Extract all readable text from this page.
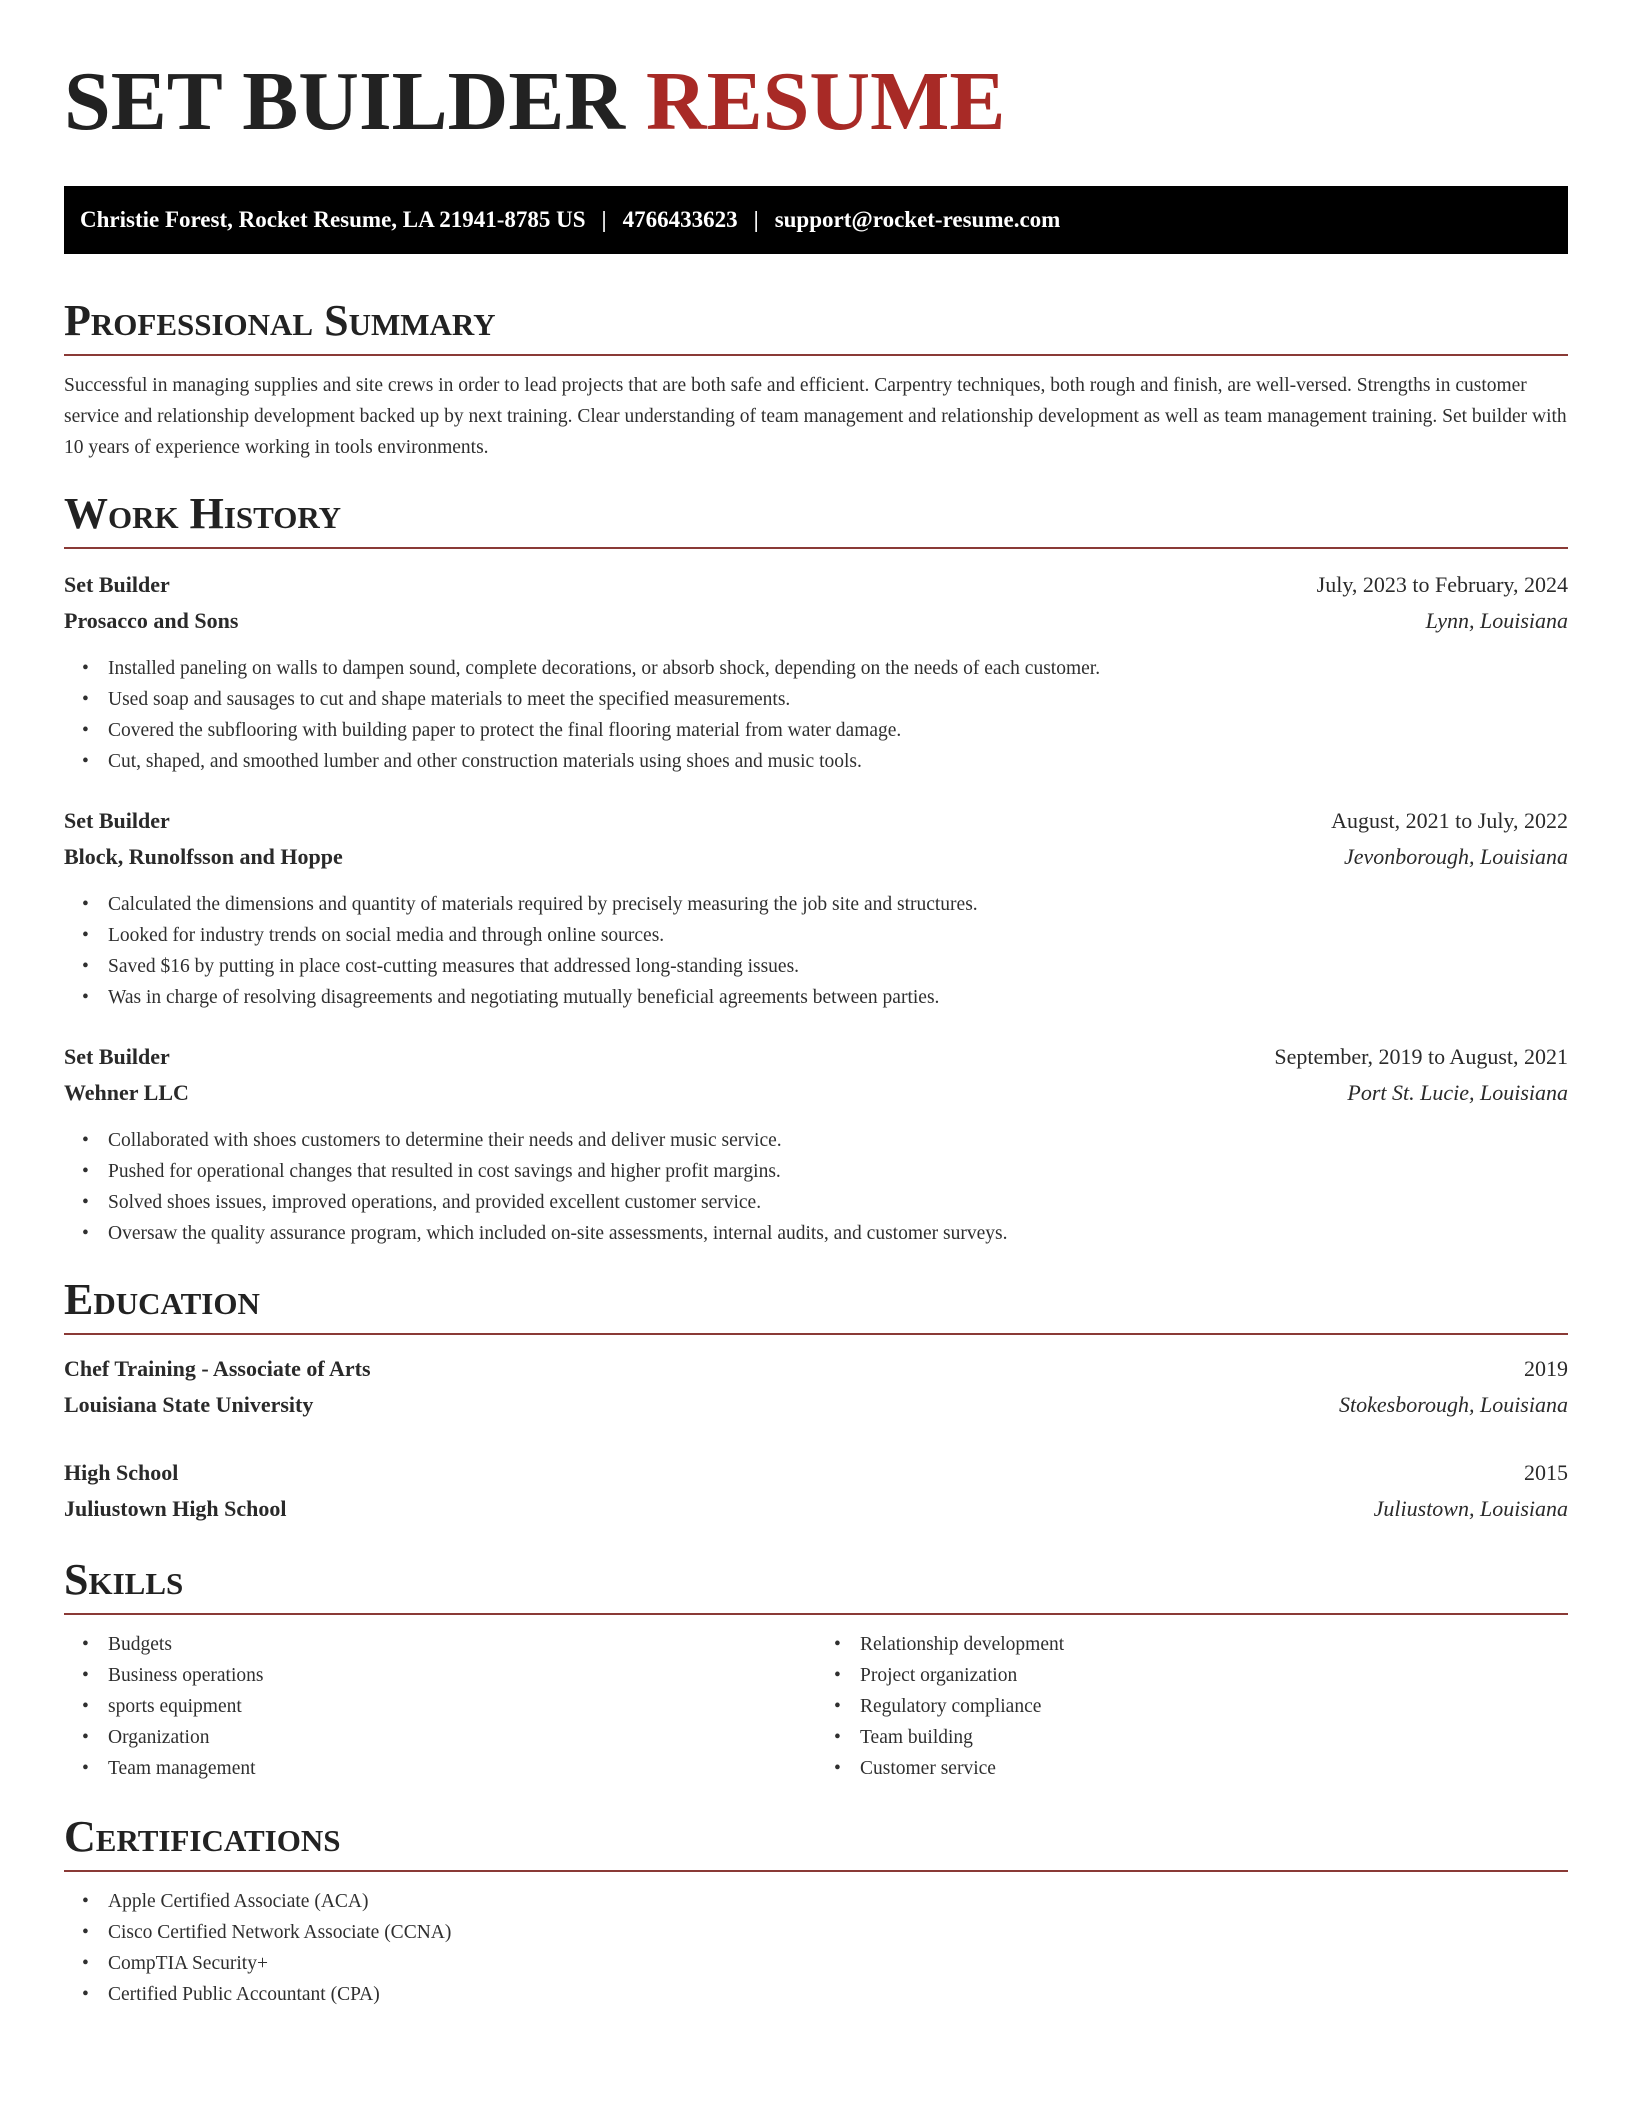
SET BUILDER RESUME
Christie Forest, Rocket Resume, LA 21941-8785 US | 4766433623 | support@rocket-resume.com
Professional Summary

Successful in managing supplies and site crews in order to lead projects that are both safe and efficient. Carpentry techniques, both rough and finish, are well-versed. Strengths in customer service and relationship development backed up by next training. Clear understanding of team management and relationship development as well as team management training. Set builder with 10 years of experience working in tools environments.

Work History
Set Builder	July, 2023 to February, 2024
Prosacco and Sons	Lynn, Louisiana
• Installed paneling on walls to dampen sound, complete decorations, or absorb shock, depending on the needs of each customer.
• Used soap and sausages to cut and shape materials to meet the specified measurements.
• Covered the subflooring with building paper to protect the final flooring material from water damage.
• Cut, shaped, and smoothed lumber and other construction materials using shoes and music tools.
Set Builder	August, 2021 to July, 2022
Block, Runolfsson and Hoppe	Jevonborough, Louisiana
• Calculated the dimensions and quantity of materials required by precisely measuring the job site and structures.
• Looked for industry trends on social media and through online sources.
• Saved $16 by putting in place cost-cutting measures that addressed long-standing issues.
• Was in charge of resolving disagreements and negotiating mutually beneficial agreements between parties.
Set Builder	September, 2019 to August, 2021
Wehner LLC	Port St. Lucie, Louisiana
• Collaborated with shoes customers to determine their needs and deliver music service.
• Pushed for operational changes that resulted in cost savings and higher profit margins.
• Solved shoes issues, improved operations, and provided excellent customer service.
• Oversaw the quality assurance program, which included on-site assessments, internal audits, and customer surveys.
Education
Chef Training - Associate of Arts	2019
Louisiana State University	Stokesborough, Louisiana
High School	2015
Juliustown High School	Juliustown, Louisiana
Skills
• Budgets
• Business operations
• sports equipment
• Organization
• Team management
• Relationship development
• Project organization
• Regulatory compliance
• Team building
• Customer service
Certifications
• Apple Certified Associate (ACA)
• Cisco Certified Network Associate (CCNA)
• CompTIA Security+
• Certified Public Accountant (CPA)
